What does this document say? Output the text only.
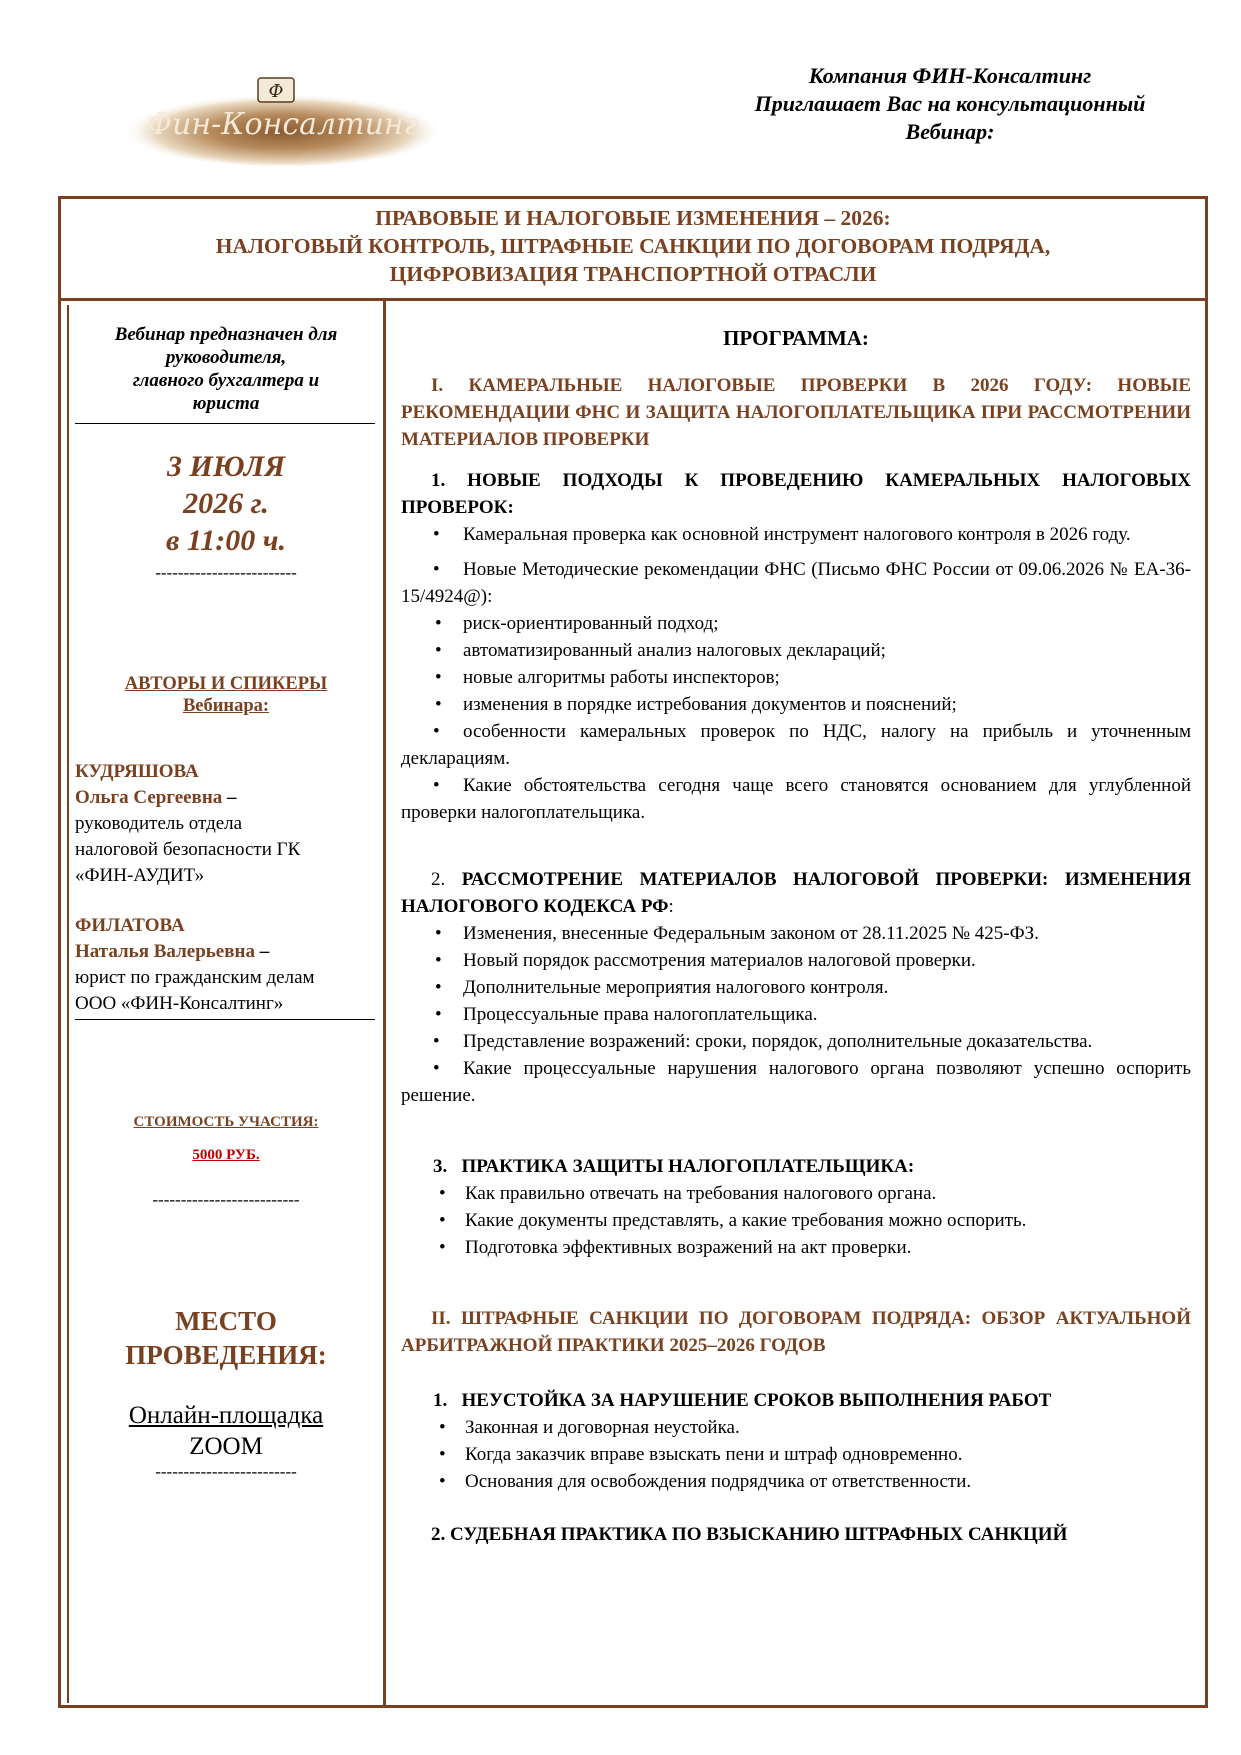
Ф
Фин-Консалтинг
Компания ФИН-Консалтинг
Приглашает Вас на консультационный
Вебинар:
ПРАВОВЫЕ И НАЛОГОВЫЕ ИЗМЕНЕНИЯ – 2026:
НАЛОГОВЫЙ КОНТРОЛЬ, ШТРАФНЫЕ САНКЦИИ ПО ДОГОВОРАМ ПОДРЯДА,
ЦИФРОВИЗАЦИЯ ТРАНСПОРТНОЙ ОТРАСЛИ
Вебинар предназначен для
руководителя,
главного бухгалтера и
юриста
3 ИЮЛЯ
2026 г.
в 11:00 ч.
-------------------------
АВТОРЫ И СПИКЕРЫ
Вебинара:
КУДРЯШОВА
Ольга Сергеевна –
руководитель отдела
налоговой безопасности ГК
«ФИН-АУДИТ»
ФИЛАТОВА
Наталья Валерьевна –
юрист по гражданским делам
ООО «ФИН-Консалтинг»
СТОИМОСТЬ УЧАСТИЯ:
5000 РУБ.
--------------------------
МЕСТО
ПРОВЕДЕНИЯ:
Онлайн-площадка
ZOOM
-------------------------
ПРОГРАММА:
I. КАМЕРАЛЬНЫЕ НАЛОГОВЫЕ ПРОВЕРКИ В 2026 ГОДУ: НОВЫЕ РЕКОМЕНДАЦИИ ФНС И ЗАЩИТА НАЛОГОПЛАТЕЛЬЩИКА ПРИ РАССМОТРЕНИИ МАТЕРИАЛОВ ПРОВЕРКИ
1. НОВЫЕ ПОДХОДЫ К ПРОВЕДЕНИЮ КАМЕРАЛЬНЫХ НАЛОГОВЫХ ПРОВЕРОК:
• Камеральная проверка как основной инструмент налогового контроля в 2026 году.
• Новые Методические рекомендации ФНС (Письмо ФНС России от 09.06.2026 № ЕА-36-15/4924@):
• риск-ориентированный подход;
• автоматизированный анализ налоговых деклараций;
• новые алгоритмы работы инспекторов;
• изменения в порядке истребования документов и пояснений;
• особенности камеральных проверок по НДС, налогу на прибыль и уточненным декларациям.
• Какие обстоятельства сегодня чаще всего становятся основанием для углубленной проверки налогоплательщика.
2. РАССМОТРЕНИЕ МАТЕРИАЛОВ НАЛОГОВОЙ ПРОВЕРКИ: ИЗМЕНЕНИЯ НАЛОГОВОГО КОДЕКСА РФ:
• Изменения, внесенные Федеральным законом от 28.11.2025 № 425-ФЗ.
• Новый порядок рассмотрения материалов налоговой проверки.
• Дополнительные мероприятия налогового контроля.
• Процессуальные права налогоплательщика.
• Представление возражений: сроки, порядок, дополнительные доказательства.
• Какие процессуальные нарушения налогового органа позволяют успешно оспорить решение.
3.   ПРАКТИКА ЗАЩИТЫ НАЛОГОПЛАТЕЛЬЩИКА:
• Как правильно отвечать на требования налогового органа.
• Какие документы представлять, а какие требования можно оспорить.
• Подготовка эффективных возражений на акт проверки.
II. ШТРАФНЫЕ САНКЦИИ ПО ДОГОВОРАМ ПОДРЯДА: ОБЗОР АКТУАЛЬНОЙ АРБИТРАЖНОЙ ПРАКТИКИ 2025–2026 ГОДОВ
1.   НЕУСТОЙКА ЗА НАРУШЕНИЕ СРОКОВ ВЫПОЛНЕНИЯ РАБОТ
• Законная и договорная неустойка.
• Когда заказчик вправе взыскать пени и штраф одновременно.
• Основания для освобождения подрядчика от ответственности.
2. СУДЕБНАЯ ПРАКТИКА ПО ВЗЫСКАНИЮ ШТРАФНЫХ САНКЦИЙ
